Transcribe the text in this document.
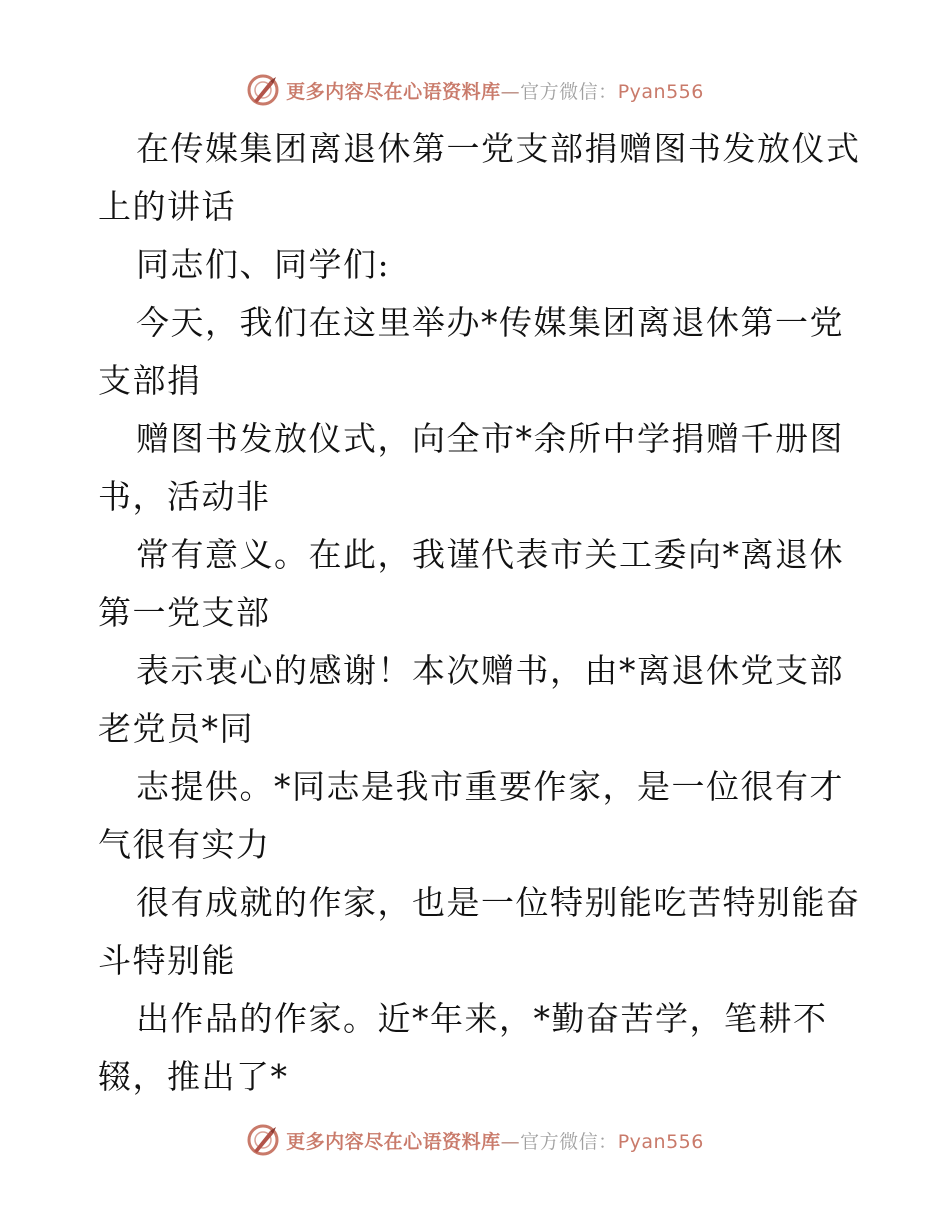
更多内容尽在心语资料库—官方微信：Pyan556
在传媒集团离退休第一党支部捐赠图书发放仪式
上的讲话
同志们、同学们:
今天，我们在这里举办*传媒集团离退休第一党
支部捐
赠图书发放仪式，向全市*余所中学捐赠千册图
书，活动非
常有意义。在此，我谨代表市关工委向*离退休
第一党支部
表示衷心的感谢！本次赠书，由*离退休党支部
老党员*同
志提供。*同志是我市重要作家，是一位很有才
气很有实力
很有成就的作家，也是一位特别能吃苦特别能奋
斗特别能
出作品的作家。近*年来，*勤奋苦学，笔耕不
辍，推出了*
更多内容尽在心语资料库—官方微信：Pyan556
